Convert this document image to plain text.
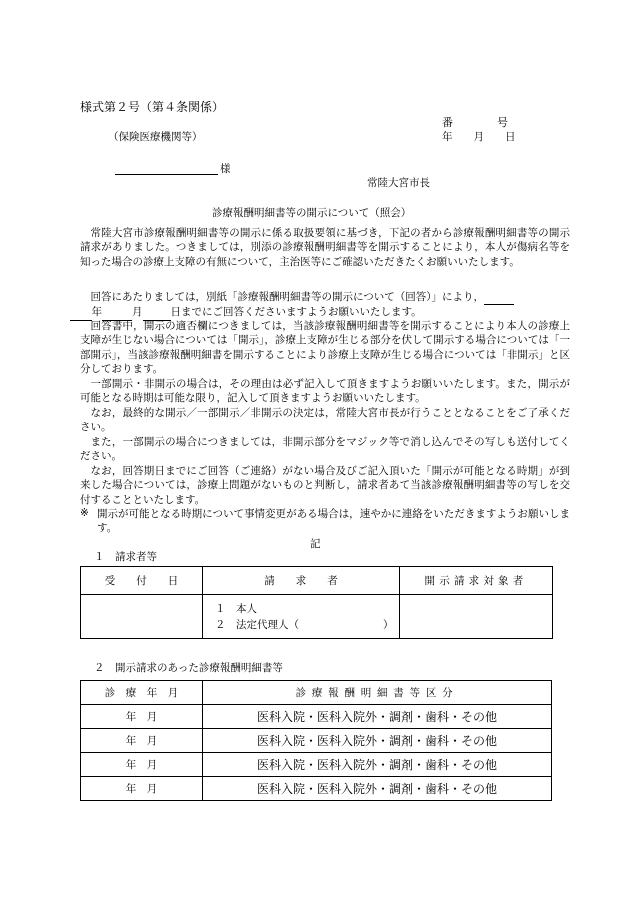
様式第２号（第４条関係）
番　　　　号
（保険医療機関等）	年　　月　　日
様
常陸大宮市長
診療報酬明細書等の開示について（照会）
常陸大宮市診療報酬明細書等の開示に係る取扱要領に基づき，下記の者から診療報酬明細書等の開示請求がありました。つきましては，別添の診療報酬明細書等を開示することにより，本人が傷病名等を知った場合の診療上支障の有無について，主治医等にご確認いただきたくお願いいたします。
回答にあたりましては，別紙「診療報酬明細書等の開示について（回答）」により，
年	月	日までにご回答くださいますようお願いいたします。
回答書中，開示の適否欄につきましては，当該診療報酬明細書等を開示することにより本人の診療上支障が生じない場合については「開示」，診療上支障が生じる部分を伏して開示する場合については「一部開示」，当該診療報酬明細書を開示することにより診療上支障が生じる場合については「非開示」と区分しております。
一部開示・非開示の場合は，その理由は必ず記入して頂きますようお願いいたします。また，開示が可能となる時期は可能な限り，記入して頂きますようお願いいたします。
なお，最終的な開示／一部開示／非開示の決定は，常陸大宮市長が行うこととなることをご了承ください。
また，一部開示の場合につきましては，非開示部分をマジック等で消し込んでその写しも送付してください。
なお，回答期日までにご回答（ご連絡）がない場合及びご記入頂いた「開示が可能となる時期」が到来した場合については，診療上問題がないものと判断し，請求者あて当該診療報酬明細書等の写しを交付することといたします。
※ 開示が可能となる時期について事情変更がある場合は，速やかに連絡をいただきますようお願いします。
記
１　請求者等
受　　付　　日	請　　求　　者	開示請求対象者

	１　本人
２　法定代理人（　　　　　　　　）	

２　開示請求のあった診療報酬明細書等
診　療　年　月	診療報酬明細書等区分
年　月	医科入院・医科入院外・調剤・歯科・その他
年　月	医科入院・医科入院外・調剤・歯科・その他
年　月	医科入院・医科入院外・調剤・歯科・その他
年　月	医科入院・医科入院外・調剤・歯科・その他
